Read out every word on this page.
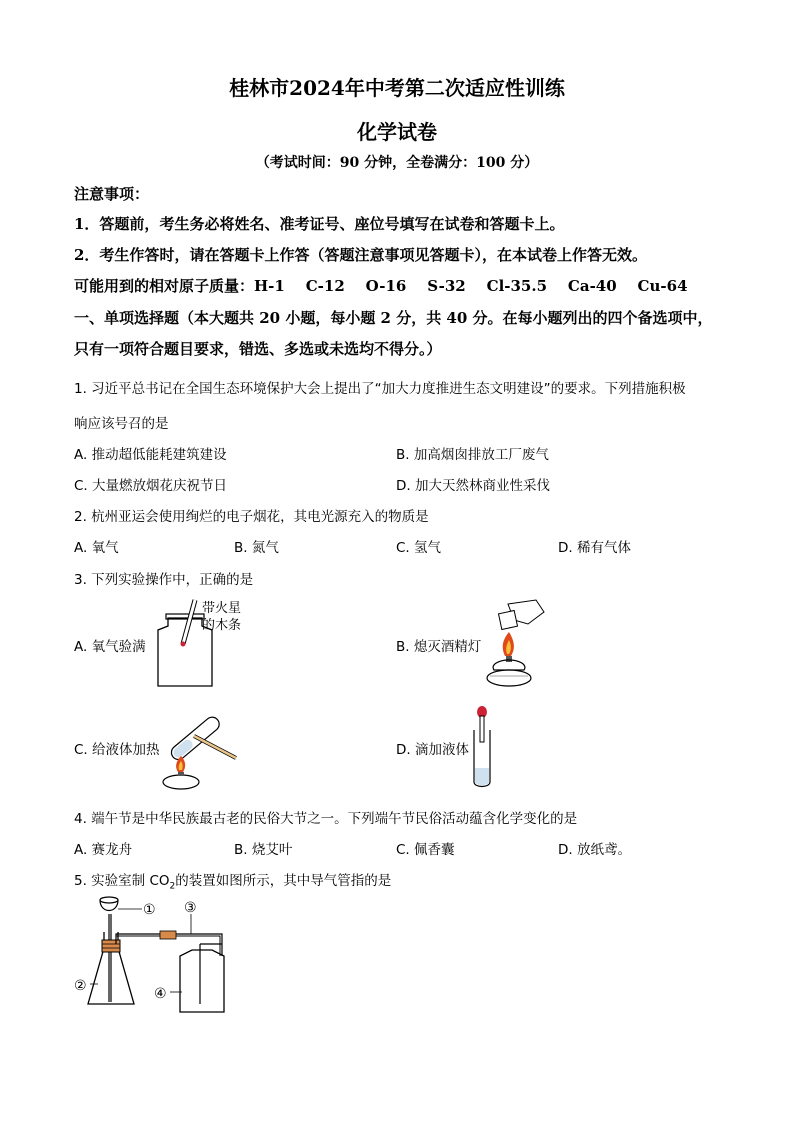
桂林市2024年中考第二次适应性训练
化学试卷
（考试时间：90 分钟，全卷满分：100 分）
注意事项：
1．答题前，考生务必将姓名、准考证号、座位号填写在试卷和答题卡上。
2．考生作答时，请在答题卡上作答（答题注意事项见答题卡），在本试卷上作答无效。
可能用到的相对原子质量：H-1    C-12    O-16    S-32    Cl-35.5    Ca-40    Cu-64
一、单项选择题（本大题共 20 小题，每小题 2 分，共 40 分。在每小题列出的四个备选项中，
只有一项符合题目要求，错选、多选或未选均不得分。）
1. 习近平总书记在全国生态环境保护大会上提出了“加大力度推进生态文明建设”的要求。下列措施积极
响应该号召的是
A. 推动超低能耗建筑建设	B. 加高烟囱排放工厂废气
C. 大量燃放烟花庆祝节日	D. 加大天然林商业性采伐
2. 杭州亚运会使用绚烂的电子烟花，其电光源充入的物质是
A. 氧气	B. 氮气	C. 氢气	D. 稀有气体
3. 下列实验操作中，正确的是
A. 氧气验满	B. 熄灭酒精灯
C. 给液体加热	D. 滴加液体
带火星
的木条
4. 端午节是中华民族最古老的民俗大节之一。下列端午节民俗活动蕴含化学变化的是
A. 赛龙舟	B. 烧艾叶	C. 佩香囊	D. 放纸鸢。
5. 实验室制 $CO_2$的装置如图所示，其中导气管指的是
① ③
②	④
